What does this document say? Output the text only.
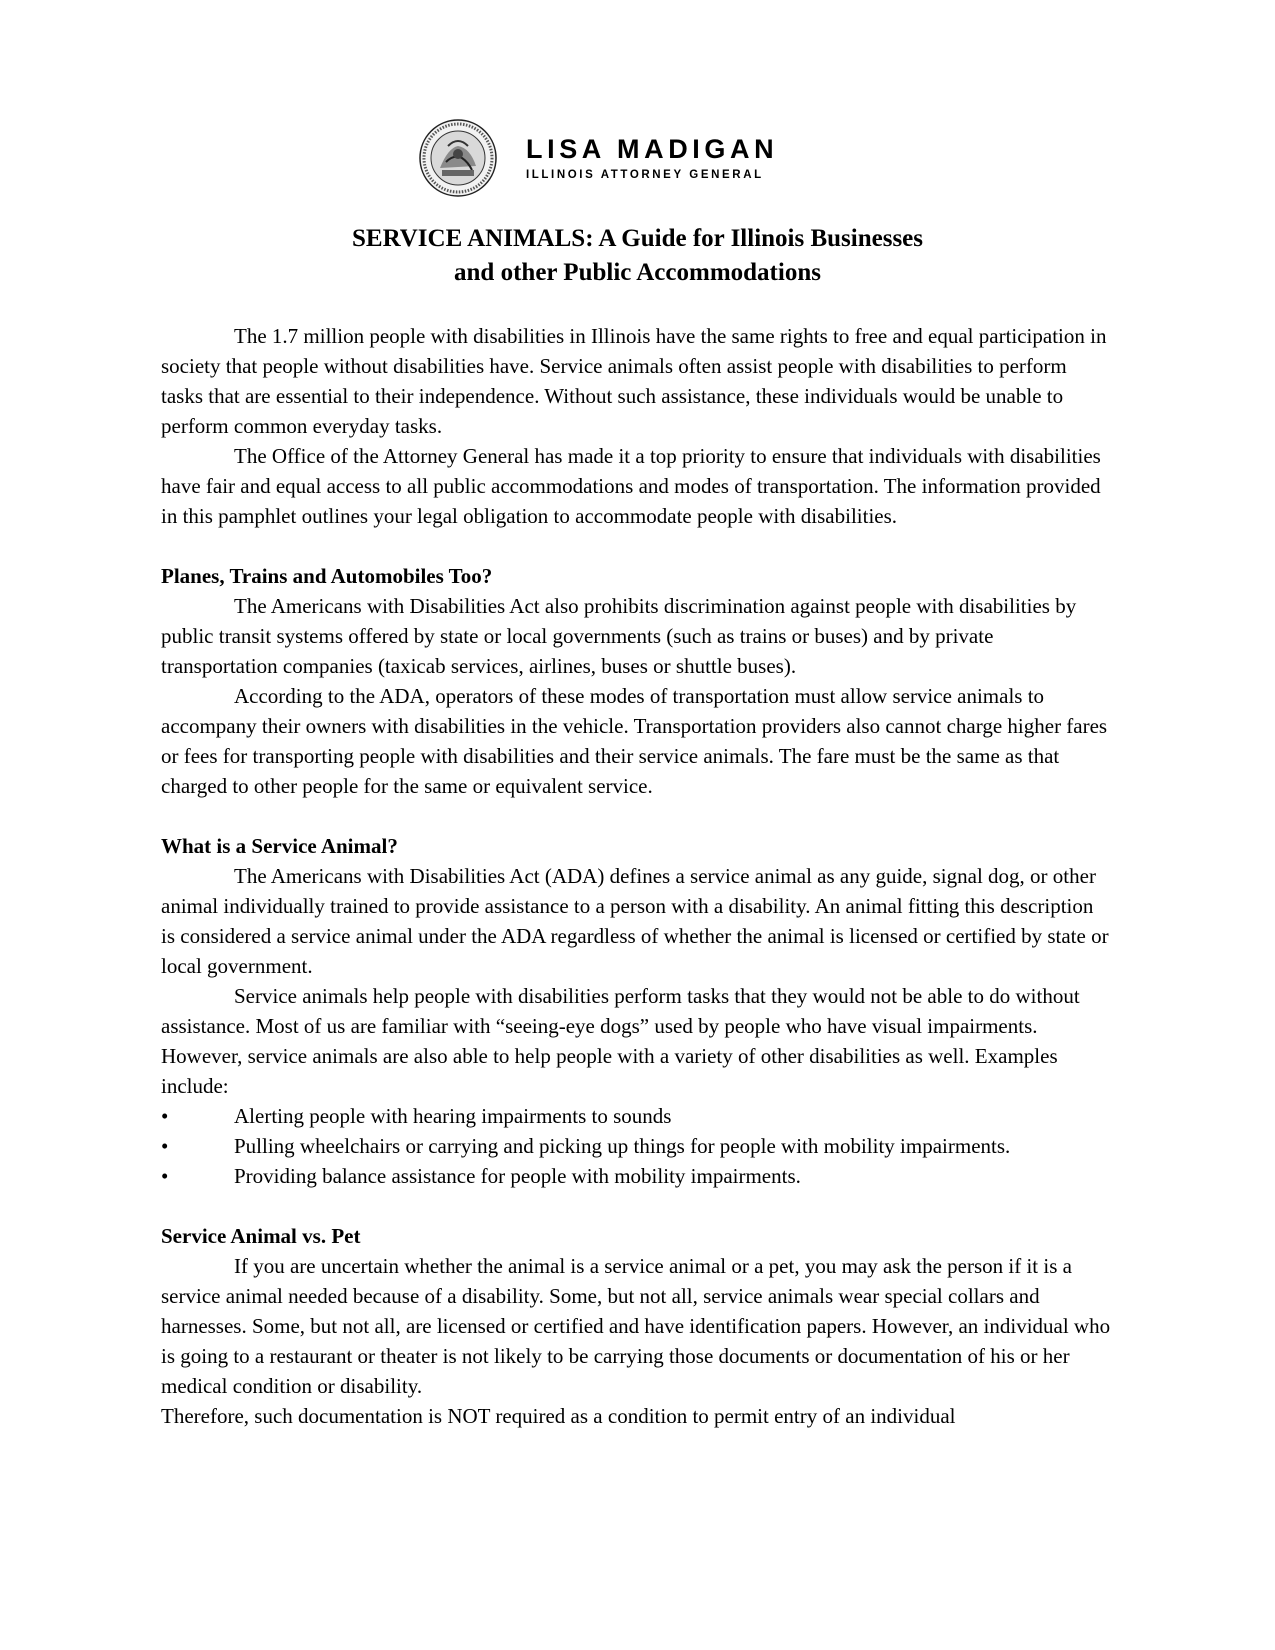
LISA MADIGAN
ILLINOIS ATTORNEY GENERAL
SERVICE ANIMALS: A Guide for Illinois Businesses
and other Public Accommodations

The 1.7 million people with disabilities in Illinois have the same rights to free and equal participation in society that people without disabilities have. Service animals often assist people with disabilities to perform tasks that are essential to their independence. Without such assistance, these individuals would be unable to perform common everyday tasks.

The Office of the Attorney General has made it a top priority to ensure that individuals with disabilities have fair and equal access to all public accommodations and modes of transportation. The information provided in this pamphlet outlines your legal obligation to accommodate people with disabilities.

Planes, Trains and Automobiles Too?

The Americans with Disabilities Act also prohibits discrimination against people with disabilities by public transit systems offered by state or local governments (such as trains or buses) and by private transportation companies (taxicab services, airlines, buses or shuttle buses).

According to the ADA, operators of these modes of transportation must allow service animals to accompany their owners with disabilities in the vehicle. Transportation providers also cannot charge higher fares or fees for transporting people with disabilities and their service animals. The fare must be the same as that charged to other people for the same or equivalent service.

What is a Service Animal?

The Americans with Disabilities Act (ADA) defines a service animal as any guide, signal dog, or other animal individually trained to provide assistance to a person with a disability. An animal fitting this description is considered a service animal under the ADA regardless of whether the animal is licensed or certified by state or local government.

Service animals help people with disabilities perform tasks that they would not be able to do without assistance. Most of us are familiar with “seeing-eye dogs” used by people who have visual impairments. However, service animals are also able to help people with a variety of other disabilities as well. Examples include:

•	Alerting people with hearing impairments to sounds
•	Pulling wheelchairs or carrying and picking up things for people with mobility impairments.
•	Providing balance assistance for people with mobility impairments.
Service Animal vs. Pet

If you are uncertain whether the animal is a service animal or a pet, you may ask the person if it is a service animal needed because of a disability. Some, but not all, service animals wear special collars and harnesses. Some, but not all, are licensed or certified and have identification papers. However, an individual who is going to a restaurant or theater is not likely to be carrying those documents or documentation of his or her medical condition or disability.

Therefore, such documentation is NOT required as a condition to permit entry of an individual
